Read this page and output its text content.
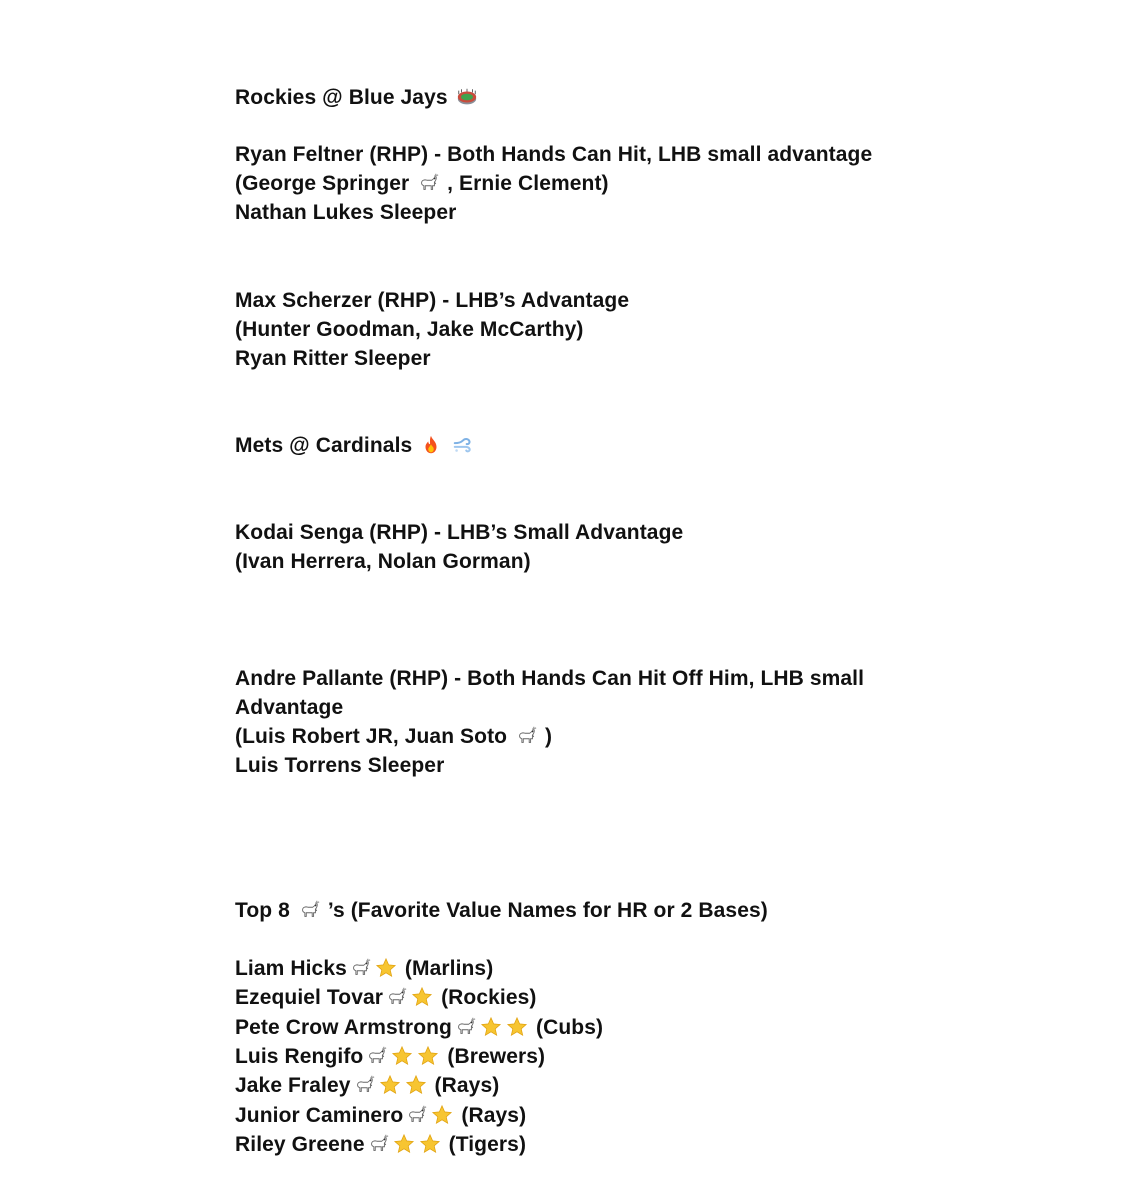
Rockies @ Blue Jays
Ryan Feltner (RHP) - Both Hands Can Hit, LHB small advantage
(George Springer , Ernie Clement)
Nathan Lukes Sleeper
Max Scherzer (RHP) - LHB’s Advantage
(Hunter Goodman, Jake McCarthy)
Ryan Ritter Sleeper
Mets @ Cardinals
Kodai Senga (RHP) - LHB’s Small Advantage
(Ivan Herrera, Nolan Gorman)
Andre Pallante (RHP) - Both Hands Can Hit Off Him, LHB small
Advantage
(Luis Robert JR, Juan Soto )
Luis Torrens Sleeper
Top 8 ’s (Favorite Value Names for HR or 2 Bases)
Liam Hicks	(Marlins)
Ezequiel Tovar	(Rockies)
Pete Crow Armstrong	(Cubs)
Luis Rengifo	(Brewers)
Jake Fraley	(Rays)
Junior Caminero	(Rays)
Riley Greene	(Tigers)
